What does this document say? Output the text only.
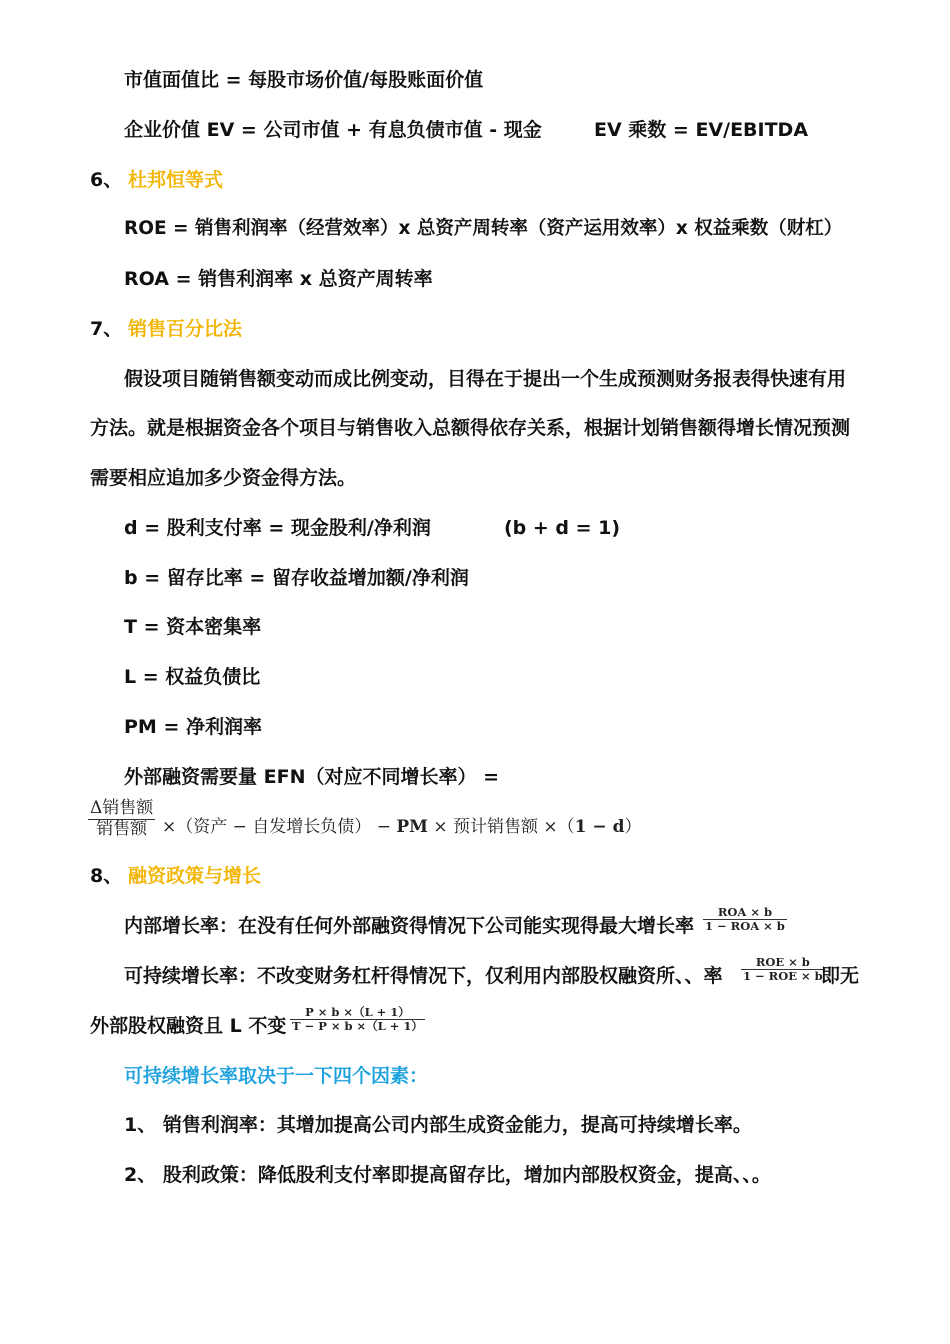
市值面值比 = 每股市场价值/每股账面价值
企业价值 EV = 公司市值 + 有息负债市值 - 现金	EV 乘数 = EV/EBITDA
6、 杜邦恒等式
ROE = 销售利润率（经营效率）x 总资产周转率（资产运用效率）x 权益乘数（财杠）
ROA = 销售利润率 x 总资产周转率
7、 销售百分比法
假设项目随销售额变动而成比例变动，目得在于提出一个生成预测财务报表得快速有用
方法。就是根据资金各个项目与销售收入总额得依存关系，根据计划销售额得增长情况预测
需要相应追加多少资金得方法。
d = 股利支付率 = 现金股利/净利润	(b + d = 1)
b = 留存比率 = 留存收益增加额/净利润
T = 资本密集率
L = 权益负债比
PM = 净利润率
外部融资需要量 EFN（对应不同增长率） =
Δ销售额
销售额 ×（资产 − 自发增长负债） − PM × 预计销售额 ×（1 − d）
8、 融资政策与增长
内部增长率：在没有任何外部融资得情况下公司能实现得最大增长率
ROA × b
1 − ROA × b
可持续增长率：不改变财务杠杆得情况下，仅利用内部股权融资所、、率
ROE × b
1 − ROE × b
即无
外部股权融资且 L 不变
P × b ×（L + 1）
T − P × b ×（L + 1）
可持续增长率取决于一下四个因素：
1、 销售利润率：其增加提高公司内部生成资金能力，提高可持续增长率。
2、 股利政策：降低股利支付率即提高留存比，增加内部股权资金，提高、、。
